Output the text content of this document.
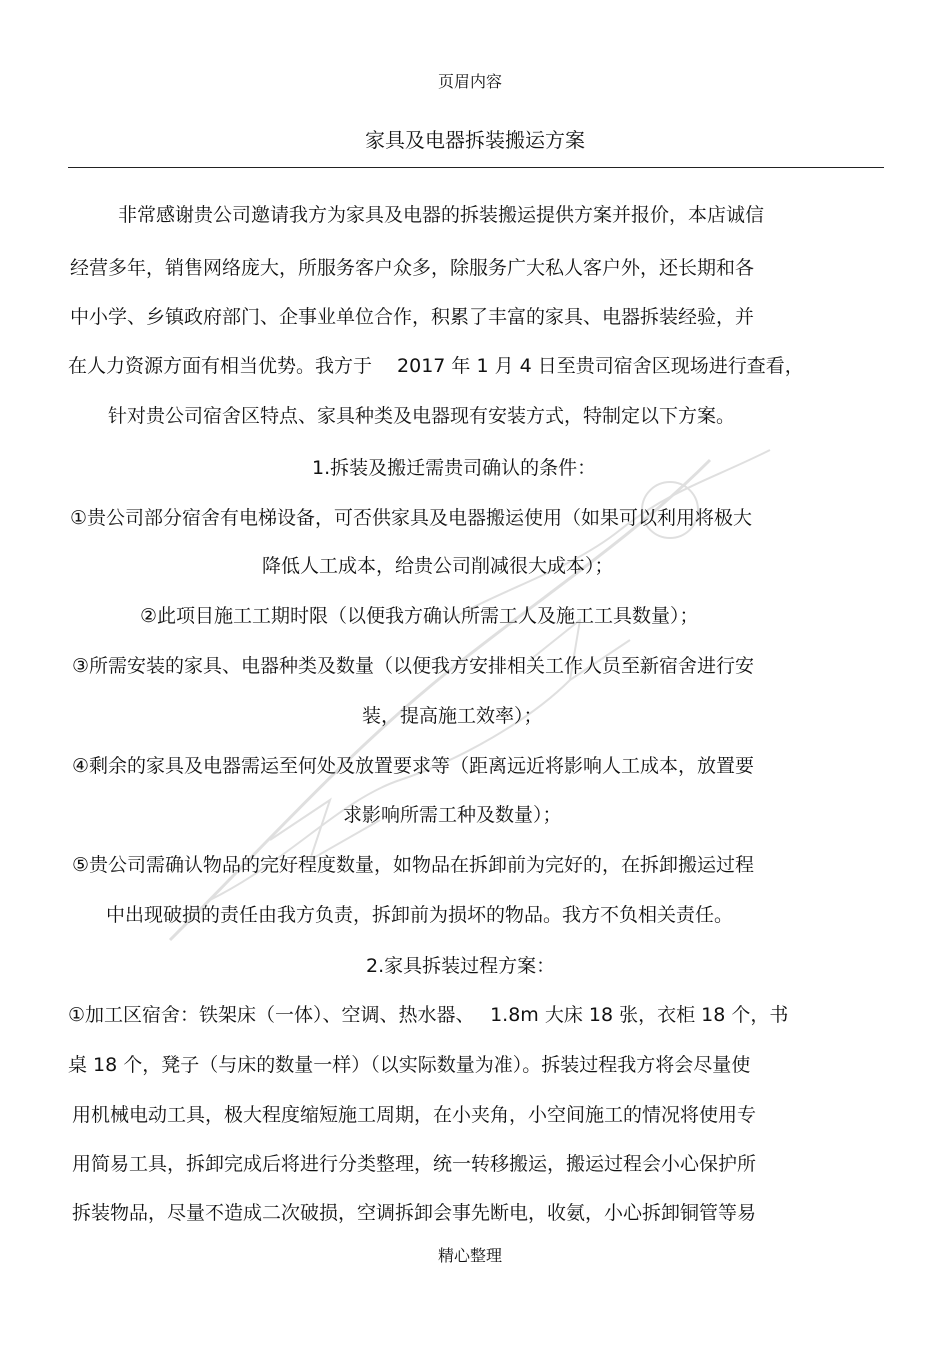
页眉内容
家具及电器拆装搬运方案
非常感谢贵公司邀请我方为家具及电器的拆装搬运提供方案并报价，本店诚信
经营多年，销售网络庞大，所服务客户众多，除服务广大私人客户外，还长期和各
中小学、乡镇政府部门、企事业单位合作，积累了丰富的家具、电器拆装经验，并
在人力资源方面有相当优势。我方于　 2017 年 1 月 4 日至贵司宿舍区现场进行查看，
针对贵公司宿舍区特点、家具种类及电器现有安装方式，特制定以下方案。
1.拆装及搬迁需贵司确认的条件：
①贵公司部分宿舍有电梯设备，可否供家具及电器搬运使用（如果可以利用将极大
降低人工成本，给贵公司削减很大成本）；
②此项目施工工期时限（以便我方确认所需工人及施工工具数量）；
③所需安装的家具、电器种类及数量（以便我方安排相关工作人员至新宿舍进行安
装，提高施工效率）；
④剩余的家具及电器需运至何处及放置要求等（距离远近将影响人工成本，放置要
求影响所需工种及数量）；
⑤贵公司需确认物品的完好程度数量，如物品在拆卸前为完好的，在拆卸搬运过程
中出现破损的责任由我方负责，拆卸前为损坏的物品。我方不负相关责任。
2.家具拆装过程方案：
①加工区宿舍：铁架床（一体）、空调、热水器、　 1.8m 大床 18 张，衣柜 18 个，书
桌 18 个，凳子（与床的数量一样）（以实际数量为准）。拆装过程我方将会尽量使
用机械电动工具，极大程度缩短施工周期，在小夹角，小空间施工的情况将使用专
用简易工具，拆卸完成后将进行分类整理，统一转移搬运，搬运过程会小心保护所
拆装物品，尽量不造成二次破损，空调拆卸会事先断电，收氨，小心拆卸铜管等易
精心整理
